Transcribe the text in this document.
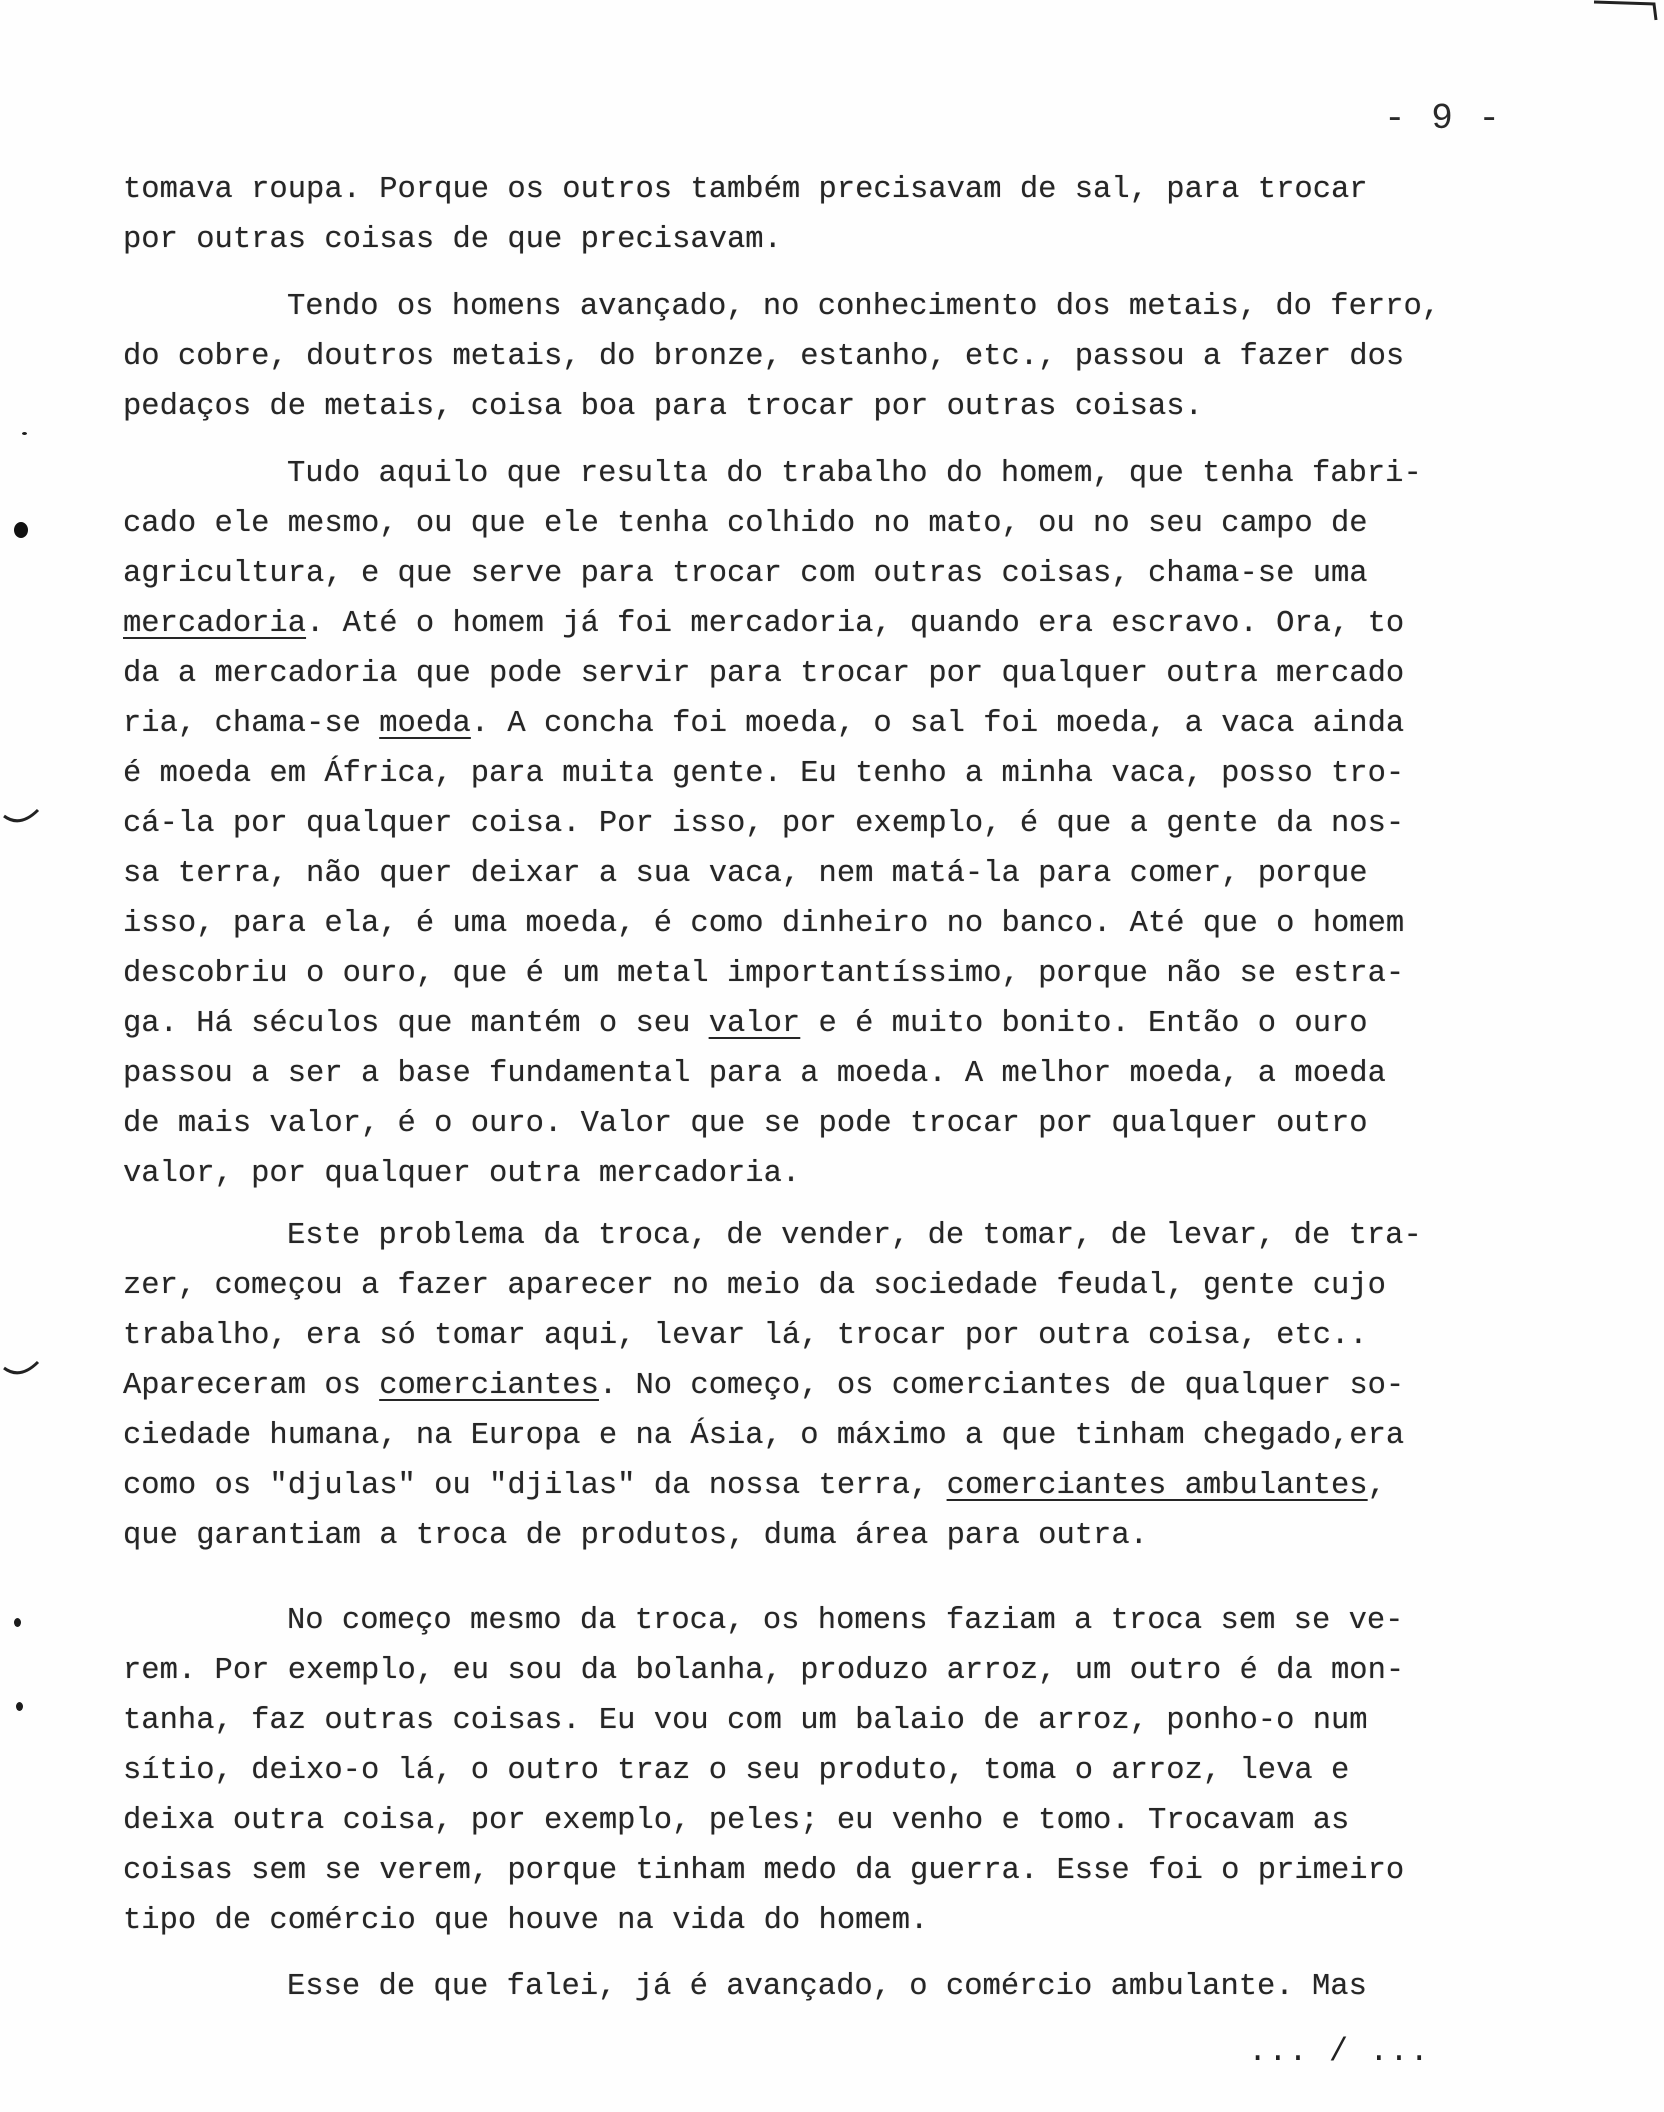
- 9 -
tomava roupa. Porque os outros também precisavam de sal, para trocar
por outras coisas de que precisavam.
Tendo os homens avançado, no conhecimento dos metais, do ferro,
do cobre, doutros metais, do bronze, estanho, etc., passou a fazer dos
pedaços de metais, coisa boa para trocar por outras coisas.
Tudo aquilo que resulta do trabalho do homem, que tenha fabri-
cado ele mesmo, ou que ele tenha colhido no mato, ou no seu campo de
agricultura, e que serve para trocar com outras coisas, chama-se uma
mercadoria. Até o homem já foi mercadoria, quando era escravo. Ora, to
da a mercadoria que pode servir para trocar por qualquer outra mercado
ria, chama-se moeda. A concha foi moeda, o sal foi moeda, a vaca ainda
é moeda em África, para muita gente. Eu tenho a minha vaca, posso tro-
cá-la por qualquer coisa. Por isso, por exemplo, é que a gente da nos-
sa terra, não quer deixar a sua vaca, nem matá-la para comer, porque
isso, para ela, é uma moeda, é como dinheiro no banco. Até que o homem
descobriu o ouro, que é um metal importantíssimo, porque não se estra-
ga. Há séculos que mantém o seu valor e é muito bonito. Então o ouro
passou a ser a base fundamental para a moeda. A melhor moeda, a moeda
de mais valor, é o ouro. Valor que se pode trocar por qualquer outro
valor, por qualquer outra mercadoria.
Este problema da troca, de vender, de tomar, de levar, de tra-
zer, começou a fazer aparecer no meio da sociedade feudal, gente cujo
trabalho, era só tomar aqui, levar lá, trocar por outra coisa, etc..
Apareceram os comerciantes. No começo, os comerciantes de qualquer so-
ciedade humana, na Europa e na Ásia, o máximo a que tinham chegado,era
como os "djulas" ou "djilas" da nossa terra, comerciantes ambulantes,
que garantiam a troca de produtos, duma área para outra.
No começo mesmo da troca, os homens faziam a troca sem se ve-
rem. Por exemplo, eu sou da bolanha, produzo arroz, um outro é da mon-
tanha, faz outras coisas. Eu vou com um balaio de arroz, ponho-o num
sítio, deixo-o lá, o outro traz o seu produto, toma o arroz, leva e
deixa outra coisa, por exemplo, peles; eu venho e tomo. Trocavam as
coisas sem se verem, porque tinham medo da guerra. Esse foi o primeiro
tipo de comércio que houve na vida do homem.
Esse de que falei, já é avançado, o comércio ambulante. Mas
... / ...
